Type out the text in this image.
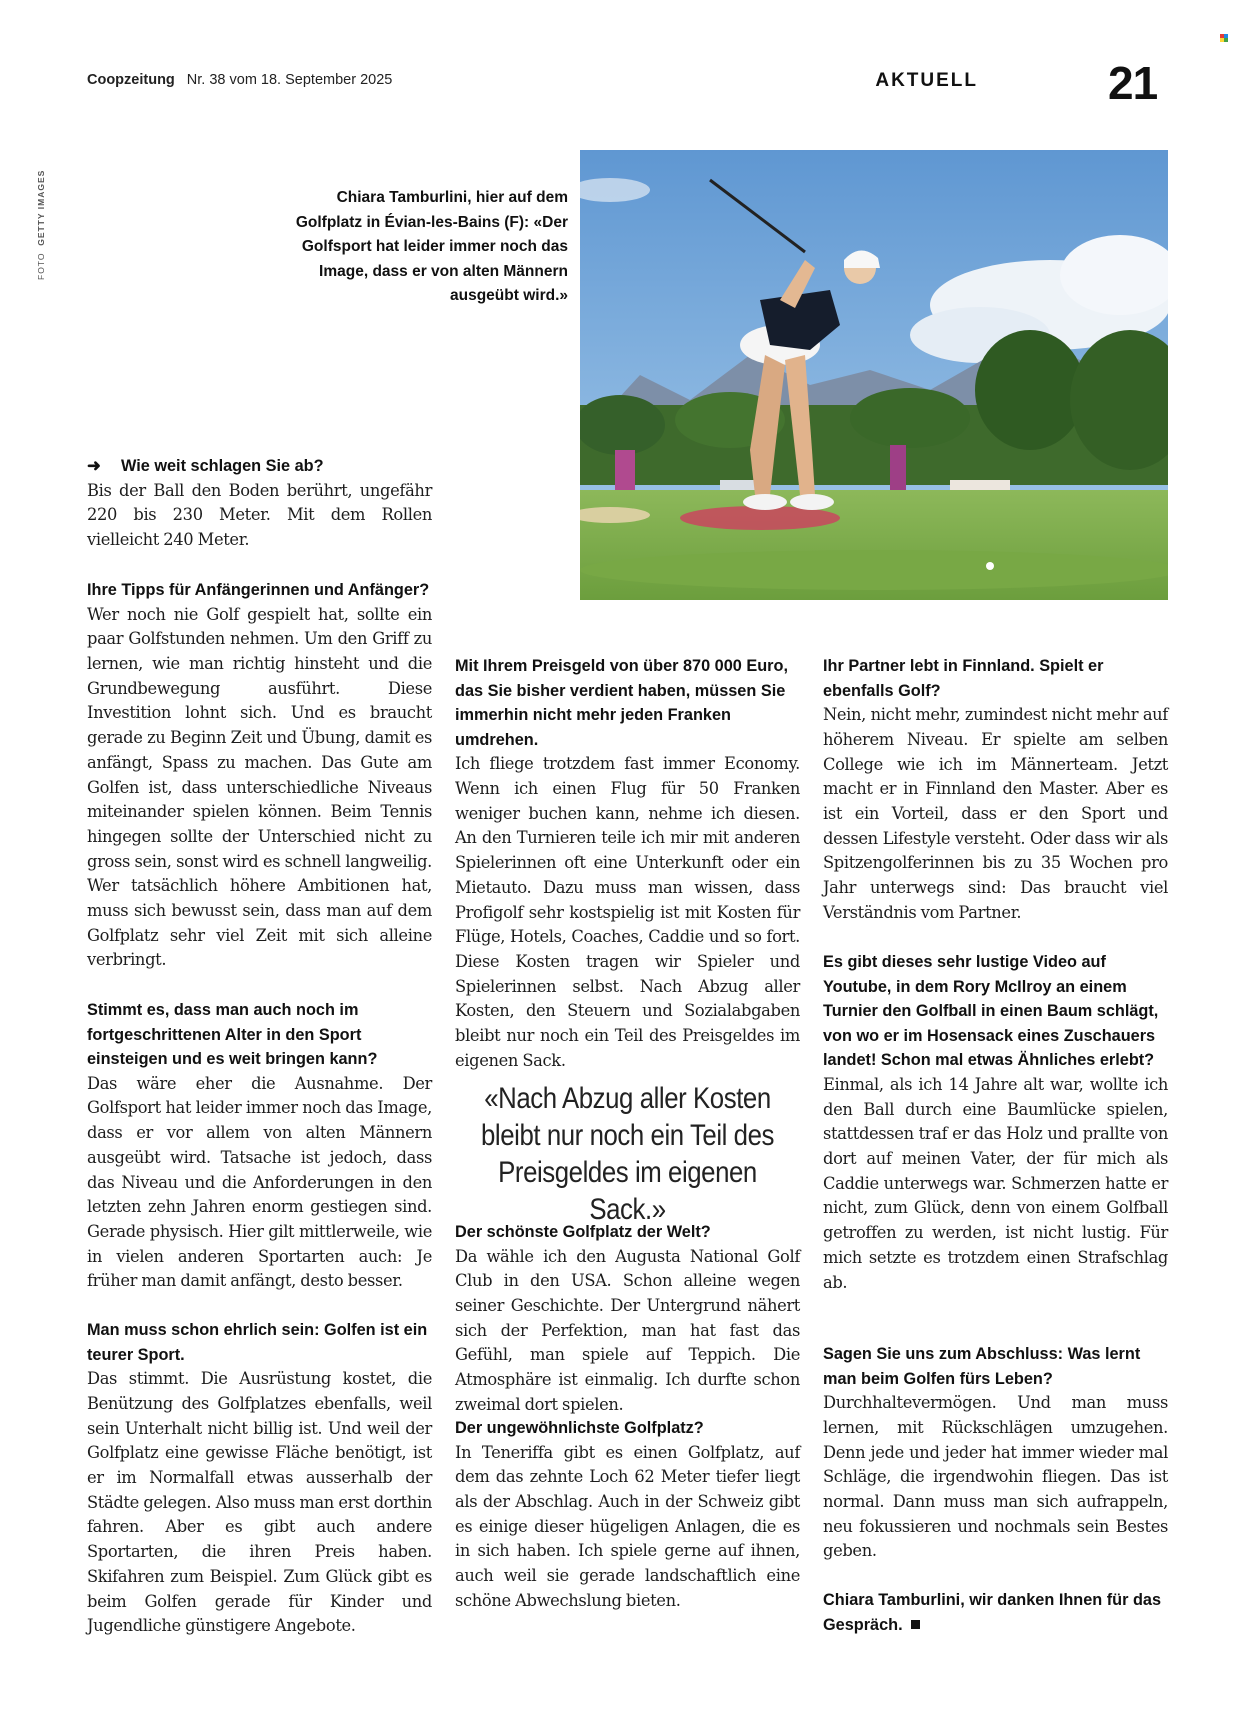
Coopzeitung Nr. 38 vom 18. September 2025	AKTUELL	21
FOTO  GETTY IMAGES	Chiara Tamburlini, hier auf dem Golfplatz in Évian-les-Bains (F): «Der Golfsport hat leider immer noch das Image, dass er von alten Männern ausgeübt wird.»
➜ Wie weit schlagen Sie ab?
Bis der Ball den Boden berührt, ungefähr 220 bis 230 Meter. Mit dem Rollen vielleicht 240 Meter.
Ihre Tipps für Anfängerinnen und Anfänger?
Wer noch nie Golf gespielt hat, sollte ein paar Golfstunden nehmen. Um den Griff zu lernen, wie man richtig hinsteht und die Grundbewegung ausführt. Diese Investition lohnt sich. Und es braucht gerade zu Beginn Zeit und Übung, damit es anfängt, Spass zu machen. Das Gute am Golfen ist, dass unterschiedliche Niveaus miteinander spielen können. Beim Tennis hingegen sollte der Unterschied nicht zu gross sein, sonst wird es schnell langweilig. Wer tatsächlich höhere Ambitionen hat, muss sich bewusst sein, dass man auf dem Golfplatz sehr viel Zeit mit sich alleine verbringt.
Stimmt es, dass man auch noch im fortgeschrittenen Alter in den Sport einsteigen und es weit bringen kann?
Das wäre eher die Ausnahme. Der Golfsport hat leider immer noch das Image, dass er vor allem von alten Männern ausgeübt wird. Tatsache ist jedoch, dass das Niveau und die Anforderungen in den letzten zehn Jahren enorm gestiegen sind. Gerade physisch. Hier gilt mittlerweile, wie in vielen anderen Sportarten auch: Je früher man damit anfängt, desto besser.
Man muss schon ehrlich sein: Golfen ist ein teurer Sport.
Das stimmt. Die Ausrüstung kostet, die Benützung des Golfplatzes ebenfalls, weil sein Unterhalt nicht billig ist. Und weil der Golfplatz eine gewisse Fläche benötigt, ist er im Normalfall etwas ausserhalb der Städte gelegen. Also muss man erst dorthin fahren. Aber es gibt auch andere Sportarten, die ihren Preis haben. Skifahren zum Beispiel. Zum Glück gibt es beim Golfen gerade für Kinder und Jugendliche günstigere Angebote.
Mit Ihrem Preisgeld von über 870 000 Euro, das Sie bisher verdient haben, müssen Sie immerhin nicht mehr jeden Franken umdrehen.
Ich fliege trotzdem fast immer Economy. Wenn ich einen Flug für 50 Franken weniger buchen kann, nehme ich diesen. An den Turnieren teile ich mir mit anderen Spielerinnen oft eine Unterkunft oder ein Mietauto. Dazu muss man wissen, dass Profigolf sehr kostspielig ist mit Kosten für Flüge, Hotels, Coaches, Caddie und so fort. Diese Kosten tragen wir Spieler und Spielerinnen selbst. Nach Abzug aller Kosten, den Steuern und Sozialabgaben bleibt nur noch ein Teil des Preisgeldes im eigenen Sack.
«Nach Abzug aller Kosten bleibt nur noch ein Teil des Preisgeldes im eigenen Sack.»
Der schönste Golfplatz der Welt?
Da wähle ich den Augusta National Golf Club in den USA. Schon alleine wegen seiner Geschichte. Der Untergrund nähert sich der Perfektion, man hat fast das Gefühl, man spiele auf Teppich. Die Atmosphäre ist einmalig. Ich durfte schon zweimal dort spielen.
Der ungewöhnlichste Golfplatz?
In Teneriffa gibt es einen Golfplatz, auf dem das zehnte Loch 62 Meter tiefer liegt als der Abschlag. Auch in der Schweiz gibt es einige dieser hügeligen Anlagen, die es in sich haben. Ich spiele gerne auf ihnen, auch weil sie gerade landschaftlich eine schöne Abwechslung bieten.
Ihr Partner lebt in Finnland. Spielt er ebenfalls Golf?
Nein, nicht mehr, zumindest nicht mehr auf höherem Niveau. Er spielte am selben College wie ich im Männerteam. Jetzt macht er in Finnland den Master. Aber es ist ein Vorteil, dass er den Sport und dessen Lifestyle versteht. Oder dass wir als Spitzengolferinnen bis zu 35 Wochen pro Jahr unterwegs sind: Das braucht viel Verständnis vom Partner.
Es gibt dieses sehr lustige Video auf Youtube, in dem Rory McIlroy an einem Turnier den Golfball in einen Baum schlägt, von wo er im Hosensack eines Zuschauers landet! Schon mal etwas Ähnliches erlebt?
Einmal, als ich 14 Jahre alt war, wollte ich den Ball durch eine Baumlücke spielen, stattdessen traf er das Holz und prallte von dort auf meinen Vater, der für mich als Caddie unterwegs war. Schmerzen hatte er nicht, zum Glück, denn von einem Golfball getroffen zu werden, ist nicht lustig. Für mich setzte es trotzdem einen Strafschlag ab.
Sagen Sie uns zum Abschluss: Was lernt man beim Golfen fürs Leben?
Durchhaltevermögen. Und man muss lernen, mit Rückschlägen umzugehen. Denn jede und jeder hat immer wieder mal Schläge, die irgendwohin fliegen. Das ist normal. Dann muss man sich aufrappeln, neu fokussieren und nochmals sein Bestes geben.
Chiara Tamburlini, wir danken Ihnen für das Gespräch.
